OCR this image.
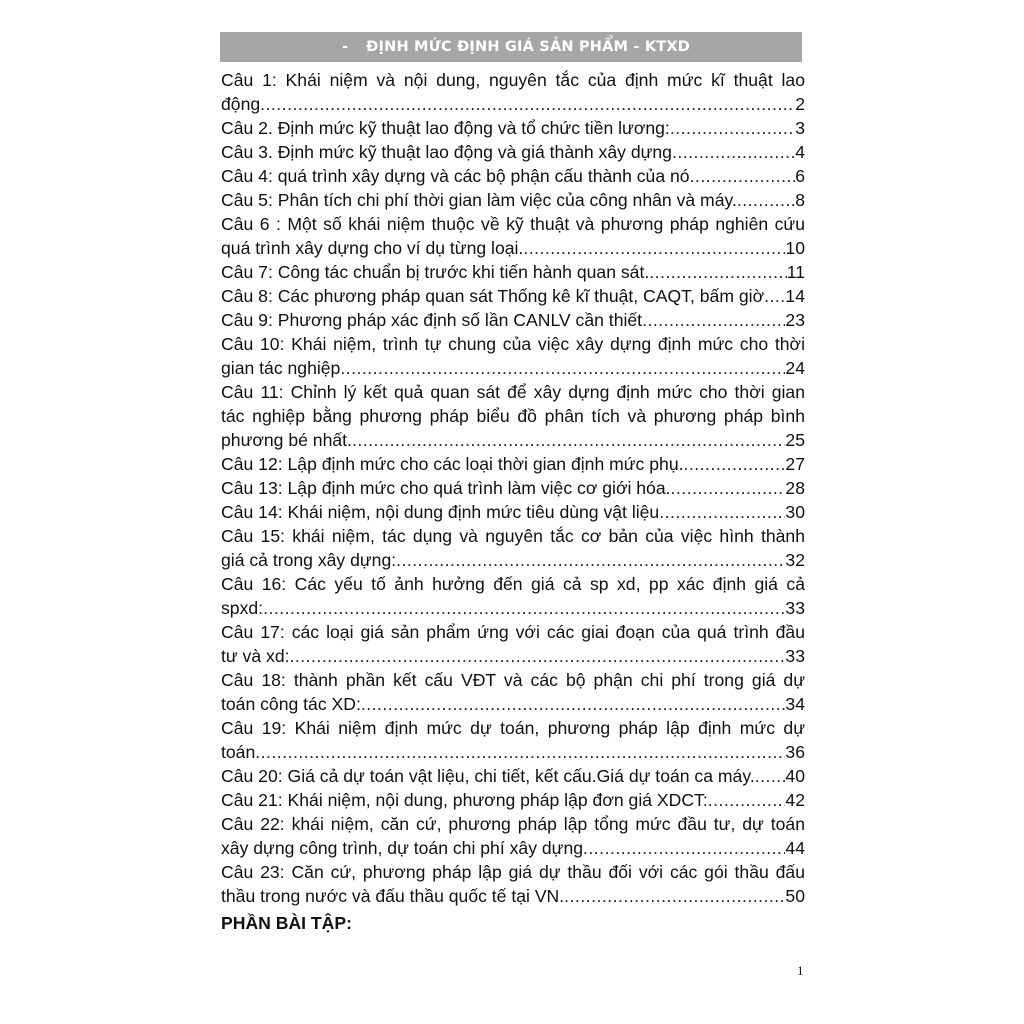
- ĐỊNH MỨC ĐỊNH GIÁ SẢN PHẨM - KTXD
Câu 1: Khái niệm và nội dung, nguyên tắc của định mức kĩ thuật lao
động .....	2
Câu 2. Định mức kỹ thuật lao động và tổ chức tiền lương: .....	3
Câu 3. Định mức kỹ thuật lao động và giá thành xây dựng .....	4
Câu 4: quá trình xây dựng và các bộ phận cấu thành của nó .....	6
Câu 5: Phân tích chi phí thời gian làm việc của công nhân và máy. .....	8
Câu 6 : Một số khái niệm thuộc về kỹ thuật và phương pháp nghiên cứu
quá trình xây dựng cho ví dụ từng loại. .....	10
Câu 7: Công tác chuẩn bị trước khi tiến hành quan sát. .....	11
Câu 8: Các phương pháp quan sát Thống kê kĩ thuật, CAQT, bấm giờ ..... 14
Câu 9: Phương pháp xác định số lần CANLV cần thiết .....	23
Câu 10: Khái niệm, trình tự chung của việc xây dựng định mức cho thời
gian tác nghiệp .....	24
Câu 11: Chỉnh lý kết quả quan sát để xây dựng định mức cho thời gian
tác nghiệp bằng phương pháp biểu đồ phân tích và phương pháp bình
phương bé nhất. .....	25
Câu 12: Lập định mức cho các loại thời gian định mức phụ. .....	27
Câu 13: Lập định mức cho quá trình làm việc cơ giới hóa. .....	28
Câu 14: Khái niệm, nội dung định mức tiêu dùng vật liệu .....	30
Câu 15: khái niệm, tác dụng và nguyên tắc cơ bản của việc hình thành
giá cả trong xây dựng: .....	32
Câu 16: Các yếu tố ảnh hưởng đến giá cả sp xd, pp xác định giá cả
spxd: .....	33
Câu 17: các loại giá sản phẩm ứng với các giai đoạn của quá trình đầu
tư và xd: .....	33
Câu 18: thành phần kết cấu VĐT và các bộ phận chi phí trong giá dự
toán công tác XD: .....	34
Câu 19: Khái niệm định mức dự toán, phương pháp lập định mức dự
toán .....	36
Câu 20: Giá cả dự toán vật liệu, chi tiết, kết cấu.Giá dự toán ca máy. ..... 40
Câu 21: Khái niệm, nội dung, phương pháp lập đơn giá XDCT: .....	42
Câu 22: khái niệm, căn cứ, phương pháp lập tổng mức đầu tư, dự toán
xây dựng công trình, dự toán chi phí xây dựng .....	44
Câu 23: Căn cứ, phương pháp lập giá dự thầu đối với các gói thầu đấu
thầu trong nước và đấu thầu quốc tế tại VN. .....	50
PHẦN BÀI TẬP:
1
